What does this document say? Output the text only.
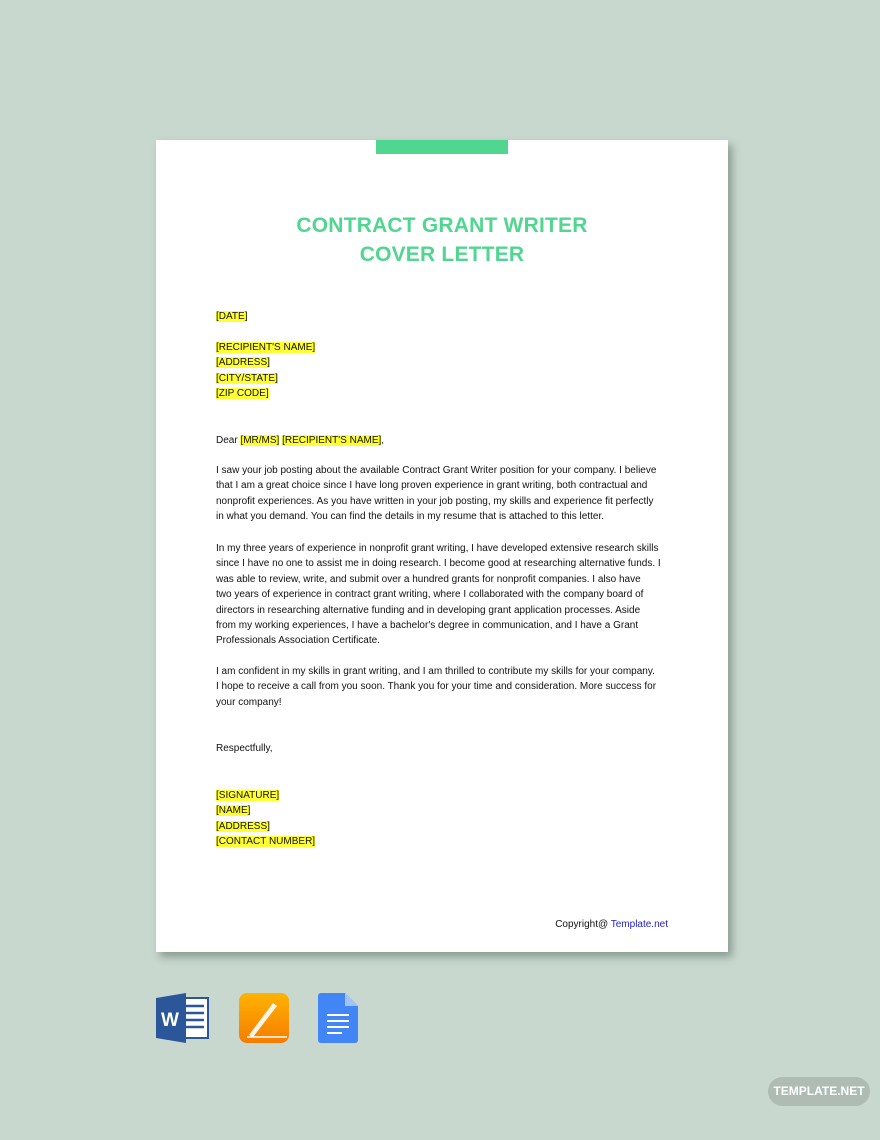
CONTRACT GRANT WRITER
COVER LETTER
[DATE]
[RECIPIENT'S NAME]
[ADDRESS]
[CITY/STATE]
[ZIP CODE]
Dear [MR/MS] [RECIPIENT'S NAME],
I saw your job posting about the available Contract Grant Writer position for your company. I believe
that I am a great choice since I have long proven experience in grant writing, both contractual and
nonprofit experiences. As you have written in your job posting, my skills and experience fit perfectly
in what you demand. You can find the details in my resume that is attached to this letter.
In my three years of experience in nonprofit grant writing, I have developed extensive research skills
since I have no one to assist me in doing research. I become good at researching alternative funds. I
was able to review, write, and submit over a hundred grants for nonprofit companies. I also have
two years of experience in contract grant writing, where I collaborated with the company board of
directors in researching alternative funding and in developing grant application processes. Aside
from my working experiences, I have a bachelor's degree in communication, and I have a Grant
Professionals Association Certificate.
I am confident in my skills in grant writing, and I am thrilled to contribute my skills for your company.
I hope to receive a call from you soon. Thank you for your time and consideration. More success for
your company!
Respectfully,
[SIGNATURE]
[NAME]
[ADDRESS]
[CONTACT NUMBER]
Copyright@ Template.net
W
TEMPLATE.NET
